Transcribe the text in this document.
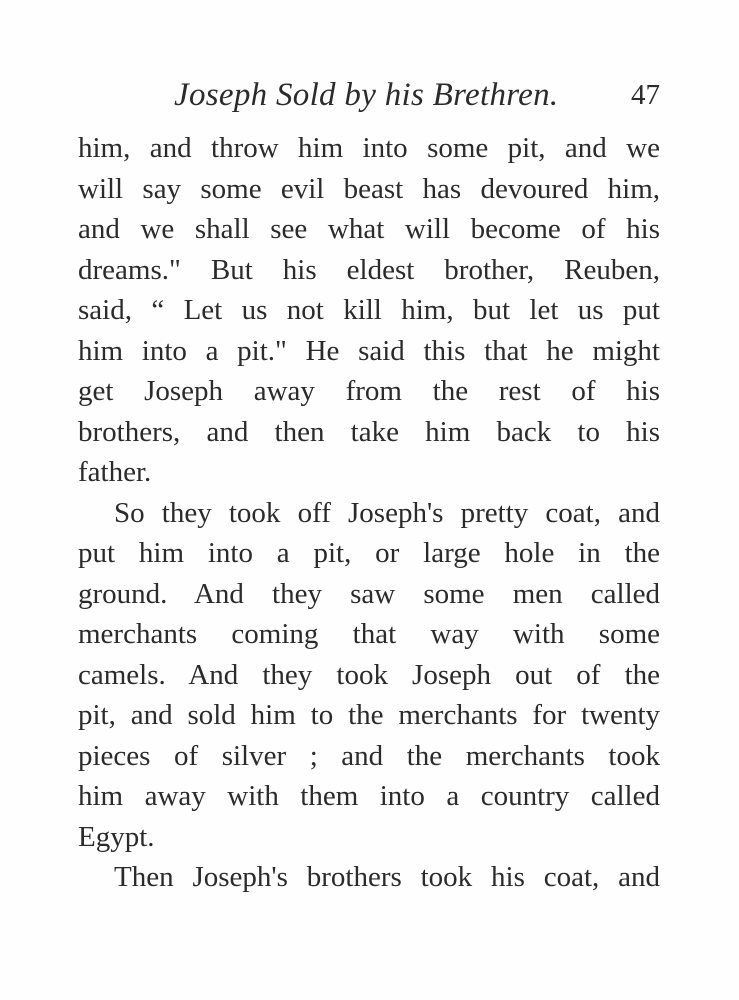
Joseph Sold by his Brethren.	47
him, and throw him into some pit, and we
will say some evil beast has devoured him,
and we shall see what will become of his
dreams." But his eldest brother, Reuben,
said, “ Let us not kill him, but let us put
him into a pit." He said this that he might
get Joseph away from the rest of his
brothers, and then take him back to his
father.
So they took off Joseph's pretty coat, and
put him into a pit, or large hole in the
ground. And they saw some men called
merchants coming that way with some
camels. And they took Joseph out of the
pit, and sold him to the merchants for twenty
pieces of silver ; and the merchants took
him away with them into a country called
Egypt.
Then Joseph's brothers took his coat, and
